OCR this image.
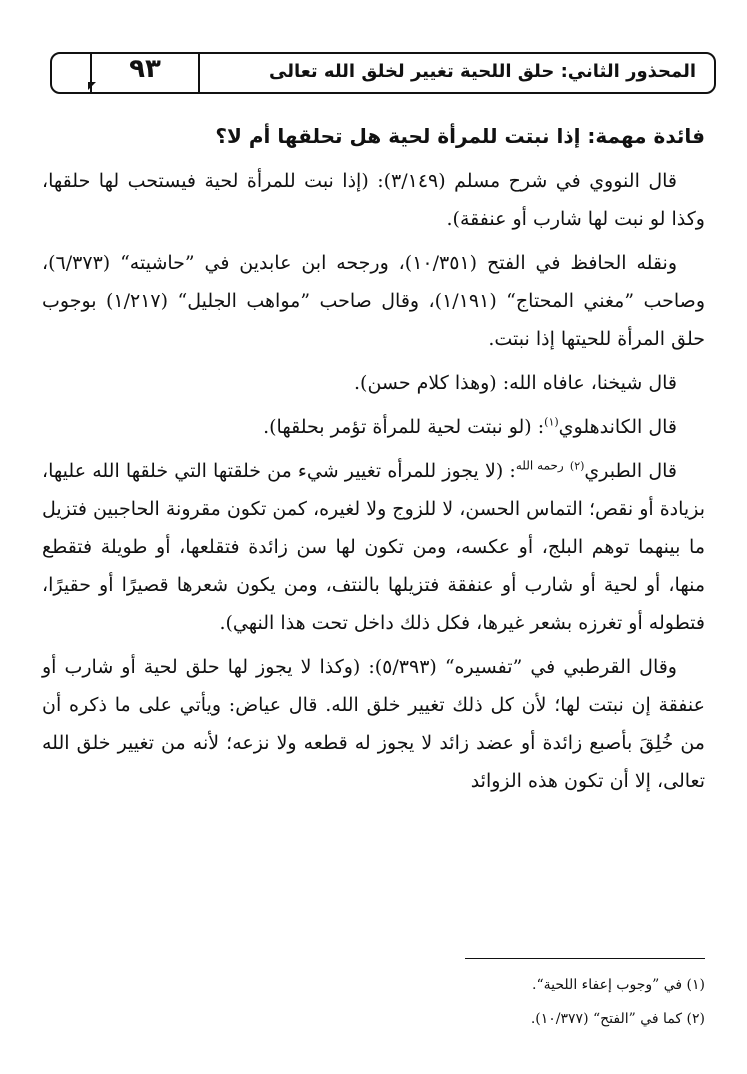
المحذور الثاني: حلق اللحية تغيير لخلق الله تعالى
٩٣

فائدة مهمة: إذا نبتت للمرأة لحية هل تحلقها أم لا؟

قال النووي في شرح مسلم (٣/١٤٩): (إذا نبت للمرأة لحية فيستحب لها حلقها، وكذا لو نبت لها شارب أو عنفقة).

ونقله الحافظ في الفتح (١٠/٣٥١)، ورجحه ابن عابدين في ”حاشيته“ (٦/٣٧٣)، وصاحب ”مغني المحتاج“ (١/١٩١)، وقال صاحب ”مواهب الجليل“ (١/٢١٧) بوجوب حلق المرأة للحيتها إذا نبتت.

قال شيخنا، عافاه الله: (وهذا كلام حسن).

قال الكاندهلوي$^{(١)}$: (لو نبتت لحية للمرأة تؤمر بحلقها).

قال الطبري$^{(٢)}$ $^{رحمه الله}$: (لا يجوز للمرأه تغيير شيء من خلقتها التي خلقها الله عليها، بزيادة أو نقص؛ التماس الحسن، لا للزوج ولا لغيره، كمن تكون مقرونة الحاجبين فتزيل ما بينهما توهم البلج، أو عكسه، ومن تكون لها سن زائدة فتقلعها، أو طويلة فتقطع منها، أو لحية أو شارب أو عنفقة فتزيلها بالنتف، ومن يكون شعرها قصيرًا أو حقيرًا، فتطوله أو تغرزه بشعر غيرها، فكل ذلك داخل تحت هذا النهي).

وقال القرطبي في ”تفسيره“ (٥/٣٩٣): (وكذا لا يجوز لها حلق لحية أو شارب أو عنفقة إن نبتت لها؛ لأن كل ذلك تغيير خلق الله. قال عياض: ويأتي على ما ذكره أن من خُلِقَ بأصبع زائدة أو عضد زائد لا يجوز له قطعه ولا نزعه؛ لأنه من تغيير خلق الله تعالى، إلا أن تكون هذه الزوائد

(١) في ”وجوب إعفاء اللحية“.

(٢) كما في ”الفتح“ (١٠/٣٧٧).
